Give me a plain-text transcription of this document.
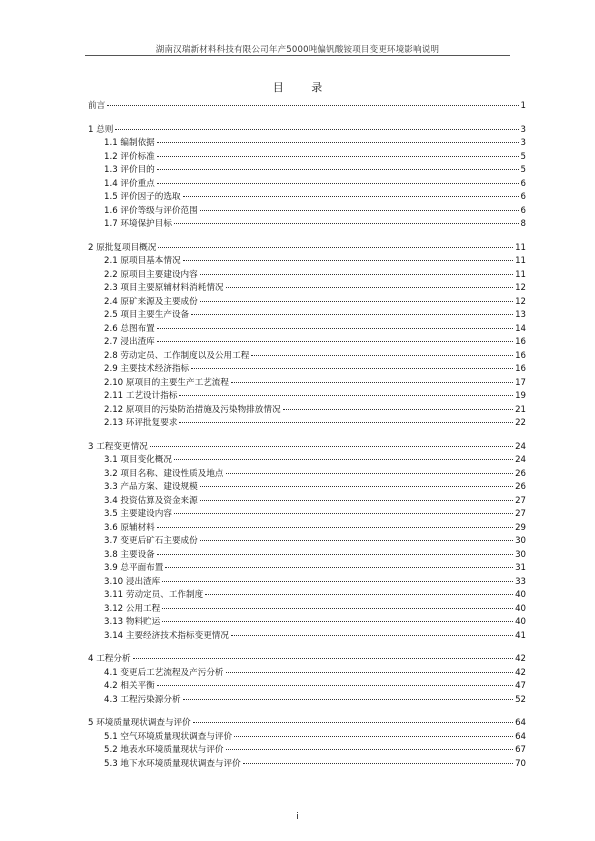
湖南汉瑞新材料科技有限公司年产5000吨偏钒酸铵项目变更环境影响说明
目 录
前言	1
1 总则	3
1.1 编制依据	3
1.2 评价标准	5
1.3 评价目的	5
1.4 评价重点	6
1.5 评价因子的选取	6
1.6 评价等级与评价范围	6
1.7 环境保护目标	8
2 原批复项目概况	11
2.1 原项目基本情况	11
2.2 原项目主要建设内容	11
2.3 项目主要原辅材料消耗情况	12
2.4 原矿来源及主要成份	12
2.5 项目主要生产设备	13
2.6 总图布置	14
2.7 浸出渣库	16
2.8 劳动定员、工作制度以及公用工程	16
2.9 主要技术经济指标	16
2.10 原项目的主要生产工艺流程	17
2.11 工艺设计指标	19
2.12 原项目的污染防治措施及污染物排放情况	21
2.13 环评批复要求	22
3 工程变更情况	24
3.1 项目变化概况	24
3.2 项目名称、建设性质及地点	26
3.3 产品方案、建设规模	26
3.4 投资估算及资金来源	27
3.5 主要建设内容	27
3.6 原辅材料	29
3.7 变更后矿石主要成份	30
3.8 主要设备	30
3.9 总平面布置	31
3.10 浸出渣库	33
3.11 劳动定员、工作制度	40
3.12 公用工程	40
3.13 物料贮运	40
3.14 主要经济技术指标变更情况	41
4 工程分析	42
4.1 变更后工艺流程及产污分析	42
4.2 相关平衡	47
4.3 工程污染源分析	52
5 环境质量现状调查与评价	64
5.1 空气环境质量现状调查与评价	64
5.2 地表水环境质量现状与评价	67
5.3 地下水环境质量现状调查与评价	70
i
